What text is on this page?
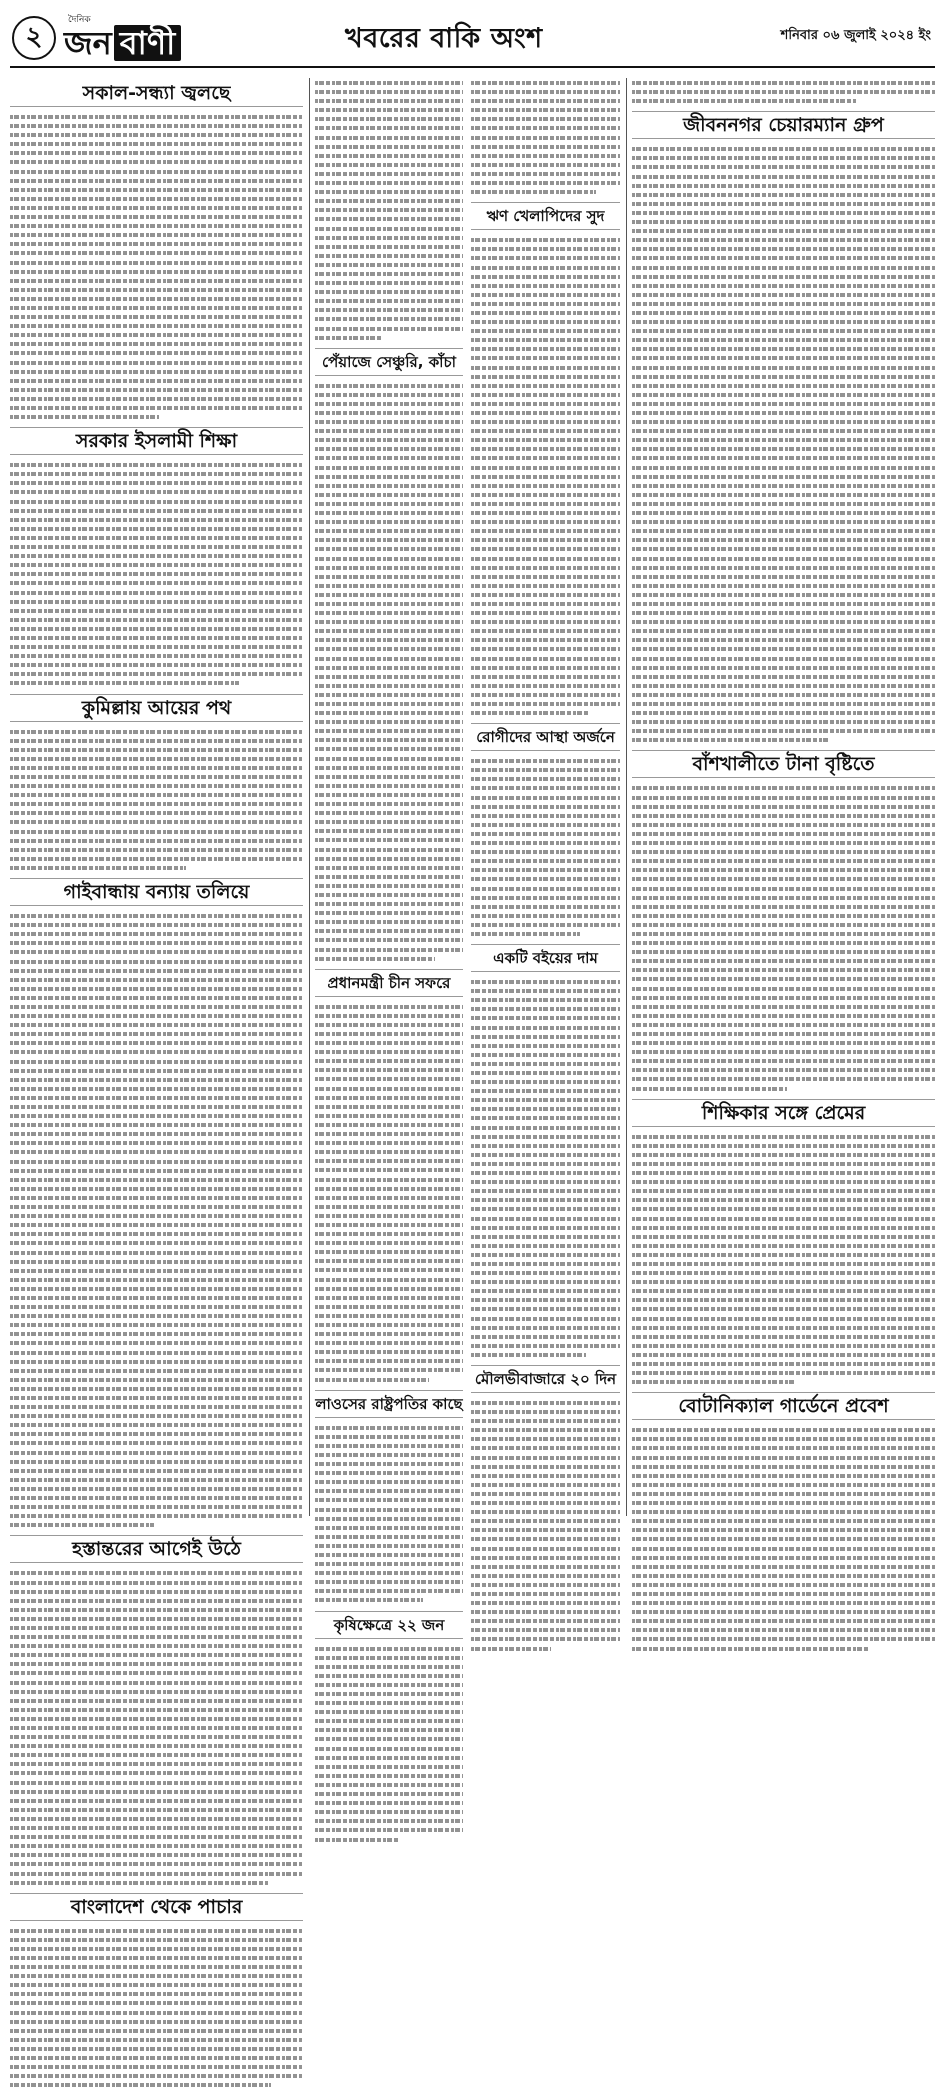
২
দৈনিক
জন বাণী	খবরের বাকি অংশ	শনিবার ০৬ জুলাই ২০২৪ ইং
সকাল-সন্ধ্যা জ্বলছে
সরকার ইসলামী শিক্ষা
কুমিল্লায় আয়ের পথ
গাইবান্ধায় বন্যায় তলিয়ে
হস্তান্তরের আগেই উঠে
বাংলাদেশ থেকে পাচার
পেঁয়াজে সেঞ্চুরি, কাঁচা
প্রধানমন্ত্রী চীন সফরে
লাওসের রাষ্ট্রপতির কাছে
কৃষিক্ষেত্রে ২২ জন
ঋণ খেলাপিদের সুদ
রোগীদের আস্থা অর্জনে
একটি বইয়ের দাম
মৌলভীবাজারে ২০ দিন
জীবননগর চেয়ারম্যান গ্রুপ
বাঁশখালীতে টানা বৃষ্টিতে
শিক্ষিকার সঙ্গে প্রেমের
বোটানিক্যাল গার্ডেনে প্রবেশ
